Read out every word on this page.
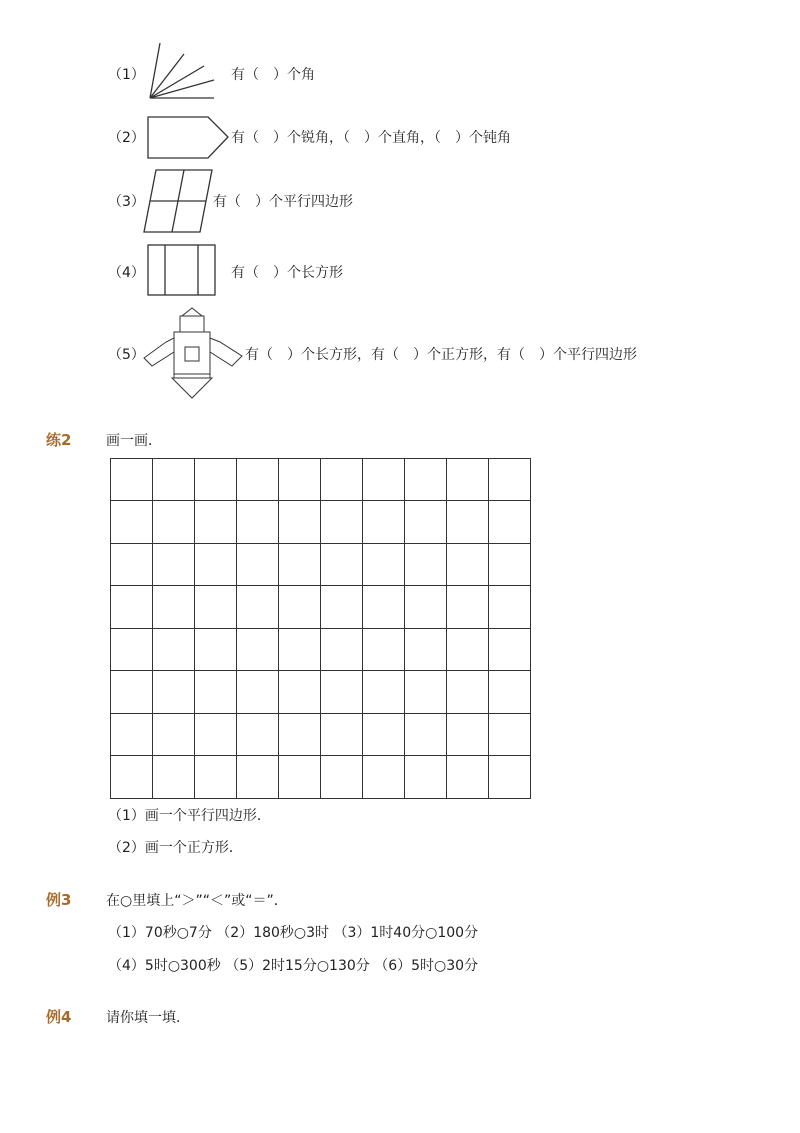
（1）	有（　）个角
（2）	有（　）个锐角，（　）个直角，（　）个钝角
（3）	有（　）个平行四边形
（4）	有（　）个长方形
（5）	有（　）个长方形，有（　）个正方形，有（　）个平行四边形
练2 画一画．
（1）画一个平行四边形．
（2）画一个正方形．
例3 在○里填上“＞”“＜”或“＝”．
（1）70秒○7分 （2）180秒○3时 （3）1时40分○100分
（4）5时○300秒 （5）2时15分○130分 （6）5时○30分
例4 请你填一填．
